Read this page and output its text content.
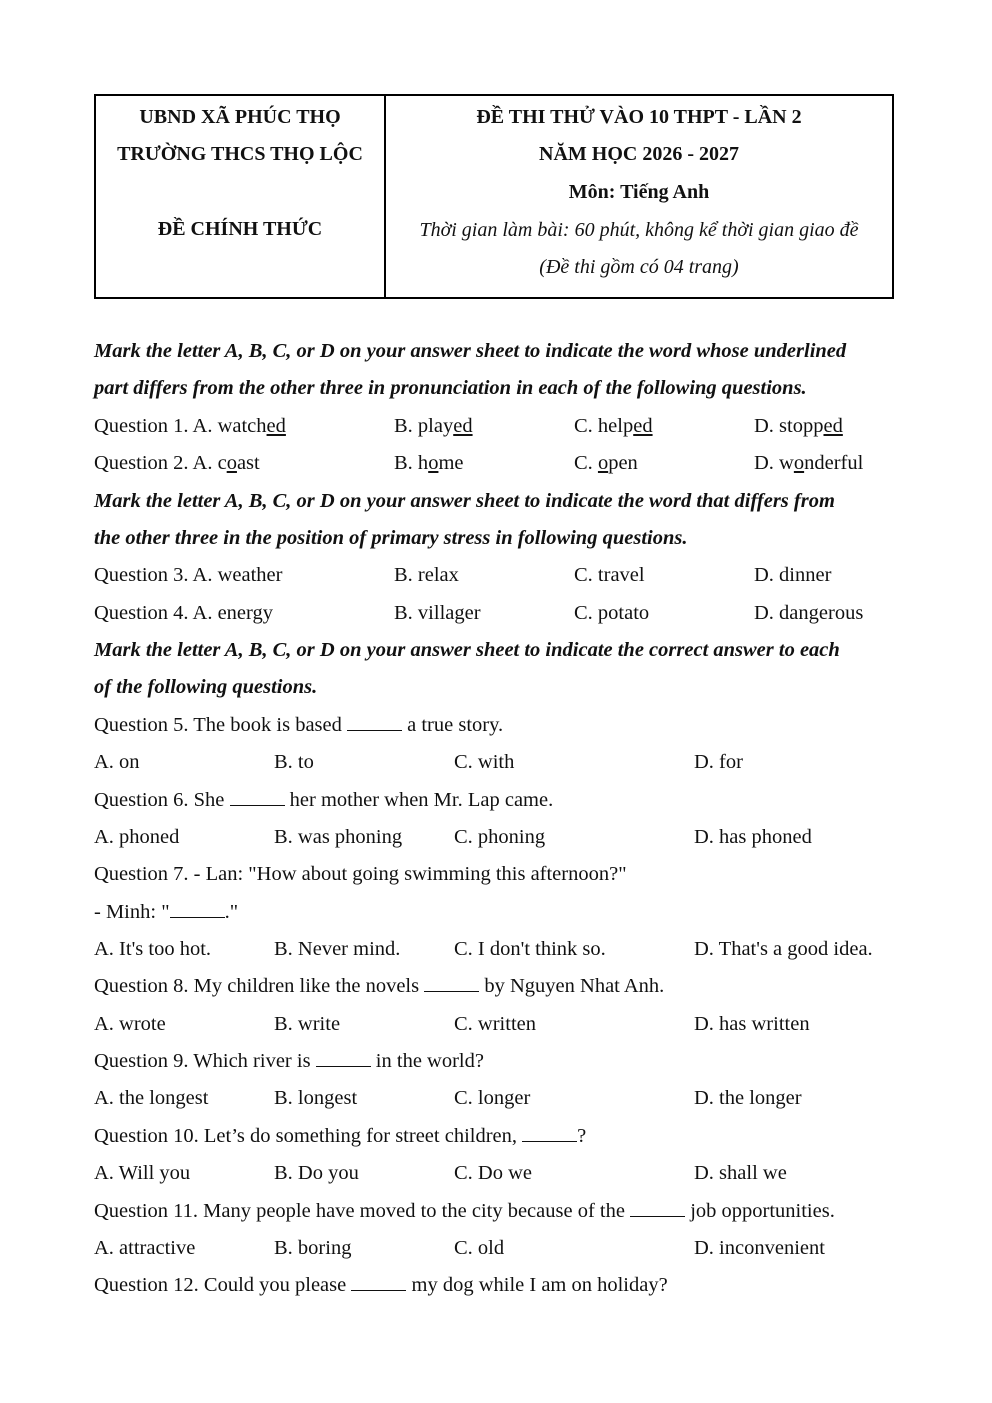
UBND XÃ PHÚC THỌ
TRƯỜNG THCS THỌ LỘC
ĐỀ CHÍNH THỨC
ĐỀ THI THỬ VÀO 10 THPT - LẦN 2
NĂM HỌC 2026 - 2027
Môn: Tiếng Anh
Thời gian làm bài: 60 phút, không kể thời gian giao đề
(Đề thi gồm có 04 trang)
Mark the letter A, B, C, or D on your answer sheet to indicate the word whose underlined
part differs from the other three in pronunciation in each of the following questions.
Question 1. A. watched	B. played	C. helped	D. stopped
Question 2. A. coast	B. home	C. open	D. wonderful
Mark the letter A, B, C, or D on your answer sheet to indicate the word that differs from
the other three in the position of primary stress in following questions.
Question 3. A. weather	B. relax	C. travel	D. dinner
Question 4. A. energy	B. villager	C. potato	D. dangerous
Mark the letter A, B, C, or D on your answer sheet to indicate the correct answer to each
of the following questions.
Question 5. The book is based	a true story.
A. on	B. to	C. with	D. for
Question 6. She	her mother when Mr. Lap came.
A. phoned	B. was phoning	C. phoning	D. has phoned
Question 7. - Lan: "How about going swimming this afternoon?"
- Minh: "	."
A. It's too hot.	B. Never mind.	C. I don't think so.	D. That's a good idea.
Question 8. My children like the novels	by Nguyen Nhat Anh.
A. wrote	B. write	C. written	D. has written
Question 9. Which river is	in the world?
A. the longest	B. longest	C. longer	D. the longer
Question 10. Let’s do something for street children,	?
A. Will you	B. Do you	C. Do we	D. shall we
Question 11. Many people have moved to the city because of the	job opportunities.
A. attractive	B. boring	C. old	D. inconvenient
Question 12. Could you please	my dog while I am on holiday?
